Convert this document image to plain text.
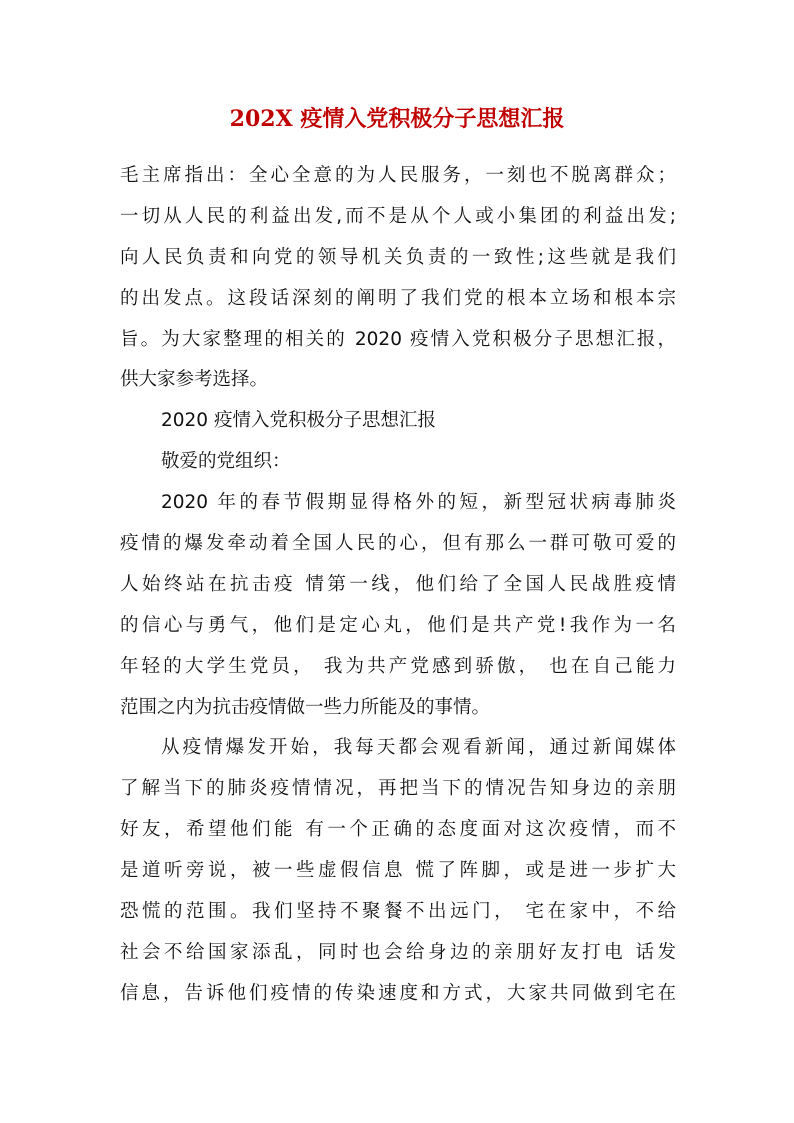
202X 疫情入党积极分子思想汇报
毛主席指出：全心全意的为人民服务，一刻也不脱离群众；
一切从人民的利益出发,而不是从个人或小集团的利益出发;
向人民负责和向党的领导机关负责的一致性;这些就是我们
的出发点。这段话深刻的阐明了我们党的根本立场和根本宗
旨。为大家整理的相关的 2020 疫情入党积极分子思想汇报，
供大家参考选择。
2020 疫情入党积极分子思想汇报
敬爱的党组织：
2020 年的春节假期显得格外的短，新型冠状病毒肺炎
疫情的爆发牵动着全国人民的心，但有那么一群可敬可爱的
人始终站在抗击疫 情第一线，他们给了全国人民战胜疫情
的信心与勇气，他们是定心丸，他们是共产党!我作为一名
年轻的大学生党员， 我为共产党感到骄傲， 也在自己能力
范围之内为抗击疫情做一些力所能及的事情。
从疫情爆发开始，我每天都会观看新闻，通过新闻媒体
了解当下的肺炎疫情情况，再把当下的情况告知身边的亲朋
好友，希望他们能 有一个正确的态度面对这次疫情，而不
是道听旁说，被一些虚假信息 慌了阵脚，或是进一步扩大
恐慌的范围。我们坚持不聚餐不出远门， 宅在家中，不给
社会不给国家添乱，同时也会给身边的亲朋好友打电 话发
信息，告诉他们疫情的传染速度和方式，大家共同做到宅在
